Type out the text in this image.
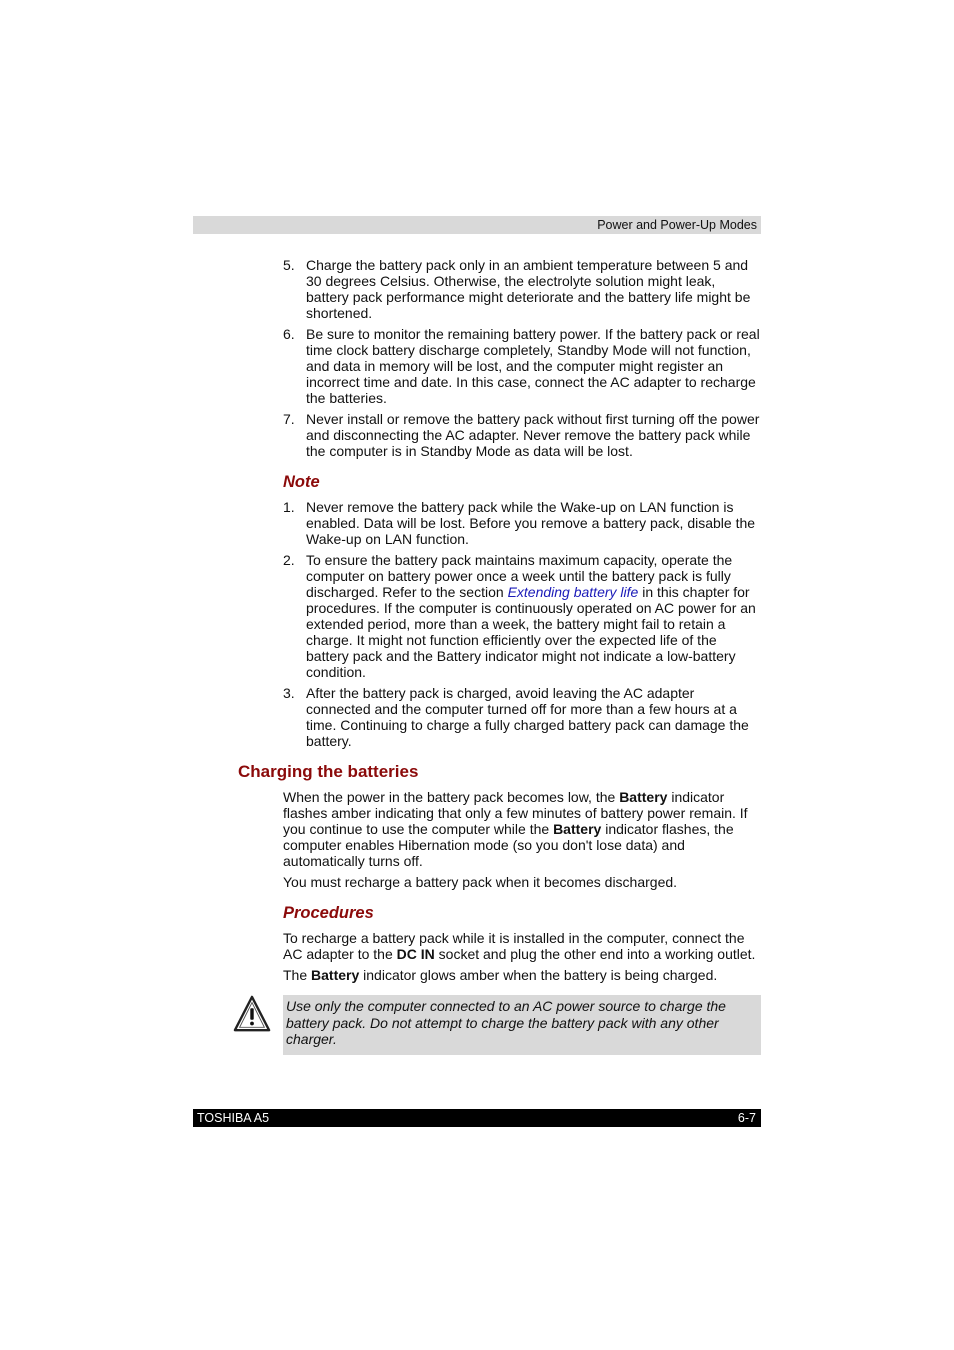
Power and Power-Up Modes
5. Charge the battery pack only in an ambient temperature between 5 and 30 degrees Celsius. Otherwise, the electrolyte solution might leak, battery pack performance might deteriorate and the battery life might be shortened.
6. Be sure to monitor the remaining battery power. If the battery pack or real time clock battery discharge completely, Standby Mode will not function, and data in memory will be lost, and the computer might register an incorrect time and date. In this case, connect the AC adapter to recharge the batteries.
7. Never install or remove the battery pack without first turning off the power and disconnecting the AC adapter. Never remove the battery pack while the computer is in Standby Mode as data will be lost.
Note
1. Never remove the battery pack while the Wake-up on LAN function is enabled. Data will be lost. Before you remove a battery pack, disable the Wake-up on LAN function.
2. To ensure the battery pack maintains maximum capacity, operate the computer on battery power once a week until the battery pack is fully discharged. Refer to the section Extending battery life in this chapter for procedures. If the computer is continuously operated on AC power for an extended period, more than a week, the battery might fail to retain a charge. It might not function efficiently over the expected life of the battery pack and the Battery indicator might not indicate a low-battery condition.
3. After the battery pack is charged, avoid leaving the AC adapter connected and the computer turned off for more than a few hours at a time. Continuing to charge a fully charged battery pack can damage the battery.
Charging the batteries

When the power in the battery pack becomes low, the Battery indicator flashes amber indicating that only a few minutes of battery power remain. If you continue to use the computer while the Battery indicator flashes, the computer enables Hibernation mode (so you don't lose data) and automatically turns off.

You must recharge a battery pack when it becomes discharged.

Procedures

To recharge a battery pack while it is installed in the computer, connect the AC adapter to the DC IN socket and plug the other end into a working outlet.

The Battery indicator glows amber when the battery is being charged.

Use only the computer connected to an AC power source to charge the battery pack. Do not attempt to charge the battery pack with any other charger.
TOSHIBA A5	6-7
